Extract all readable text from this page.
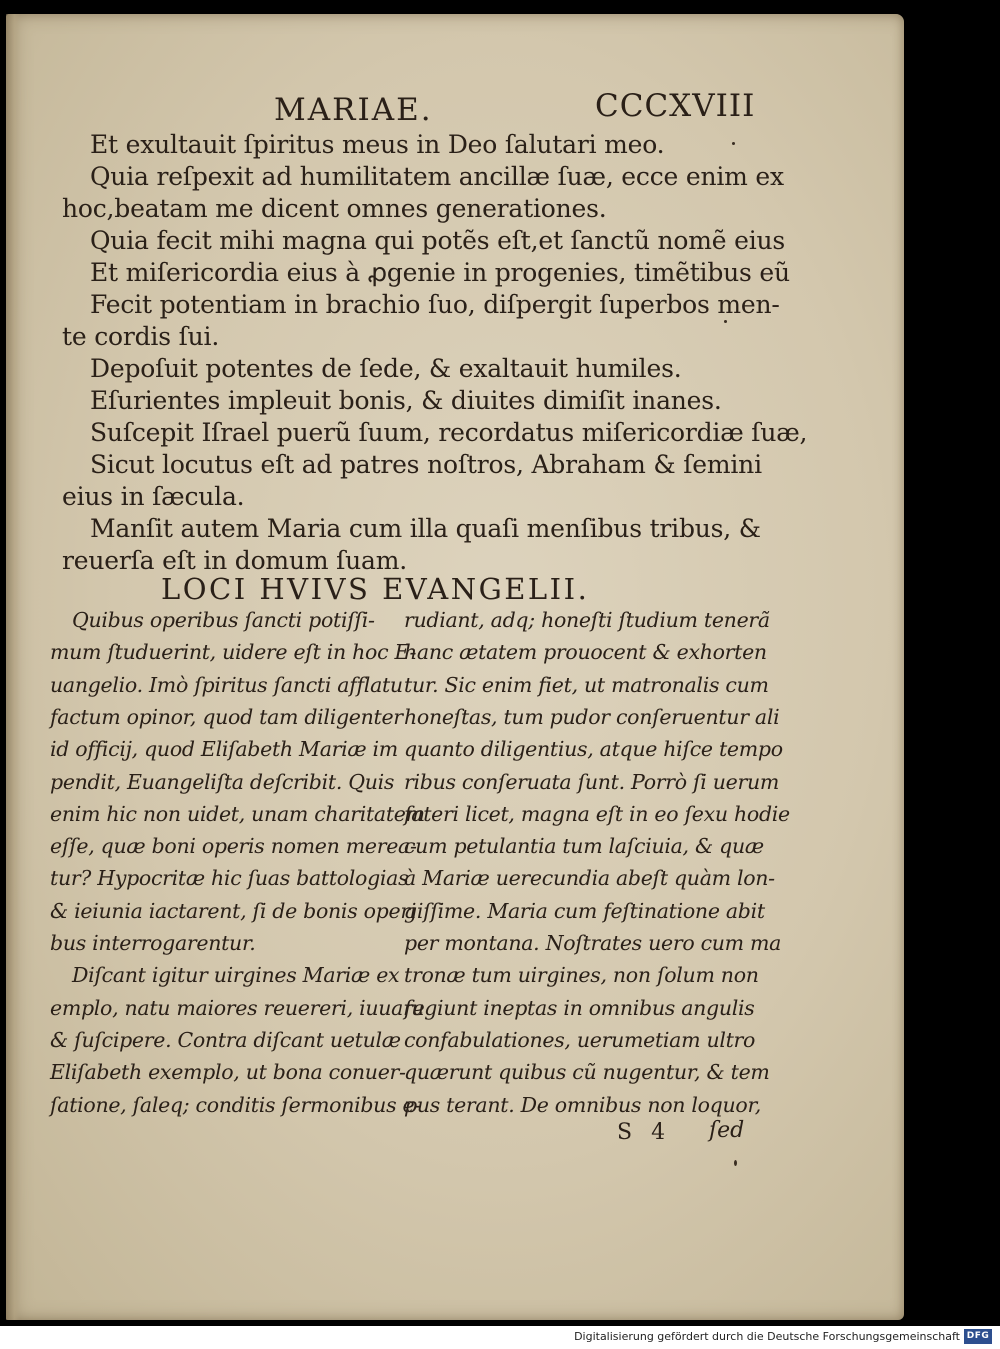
MARIAE.	CCCXVIII
Et exultauit ſpiritus meus in Deo ſalutari meo.
Quia reſpexit ad humilitatem ancillæ ſuæ, ecce enim ex
hoc,beatam me dicent omnes generationes.
Quia fecit mihi magna qui potẽs eſt,et ſanctũ nomẽ eius
Et miſericordia eius à ꝓgenie in progenies, timẽtibus eũ
Fecit potentiam in brachio ſuo, diſpergit ſuperbos men-
te cordis ſui.
Depoſuit potentes de ſede, & exaltauit humiles.
Eſurientes impleuit bonis, & diuites dimiſit inanes.
Suſcepit Iſrael puerũ ſuum, recordatus miſericordiæ ſuæ,
Sicut locutus eſt ad patres noſtros, Abraham & ſemini
eius in ſæcula.
Manſit autem Maria cum illa quaſi menſibus tribus, &
reuerſa eſt in domum ſuam.
LOCI HVIVS EVANGELII.
Quibus operibus ſancti potiſſi-
mum ſtuduerint, uidere eſt in hoc E-
uangelio. Imò ſpiritus ſancti afflatu
factum opinor, quod tam diligenter
id officij, quod Eliſabeth Mariæ im
pendit, Euangeliſta deſcribit. Quis
enim hic non uidet, unam charitatem
eſſe, quæ boni operis nomen merea-
tur? Hypocritæ hic ſuas battologias
& ieiunia iactarent, ſi de bonis operi
bus interrogarentur.
Diſcant igitur uirgines Mariæ ex
emplo, natu maiores reuereri, iuuare
& ſuſcipere. Contra diſcant uetulæ
Eliſabeth exemplo, ut bona conuer-
ſatione, ſaleq; conditis ſermonibus e-
rudiant, adq; honeſti ſtudium tenerã
hanc ætatem prouocent & exhorten
tur. Sic enim fiet, ut matronalis cum
honeſtas, tum pudor conſeruentur ali
quanto diligentius, atque hiſce tempo
ribus conſeruata ſunt. Porrò ſi uerum
fateri licet, magna eſt in eo ſexu hodie
cum petulantia tum laſciuia, & quæ
à Mariæ uerecundia abeſt quàm lon-
giſſime. Maria cum feſtinatione abit
per montana. Noſtrates uero cum ma
tronæ tum uirgines, non ſolum non
fugiunt ineptas in omnibus angulis
confabulationes, uerumetiam ultro
quærunt quibus cũ nugentur, & tem
pus terant. De omnibus non loquor,
S 4 ſed
Digitalisierung gefördert durch die Deutsche Forschungsgemeinschaft DFG
